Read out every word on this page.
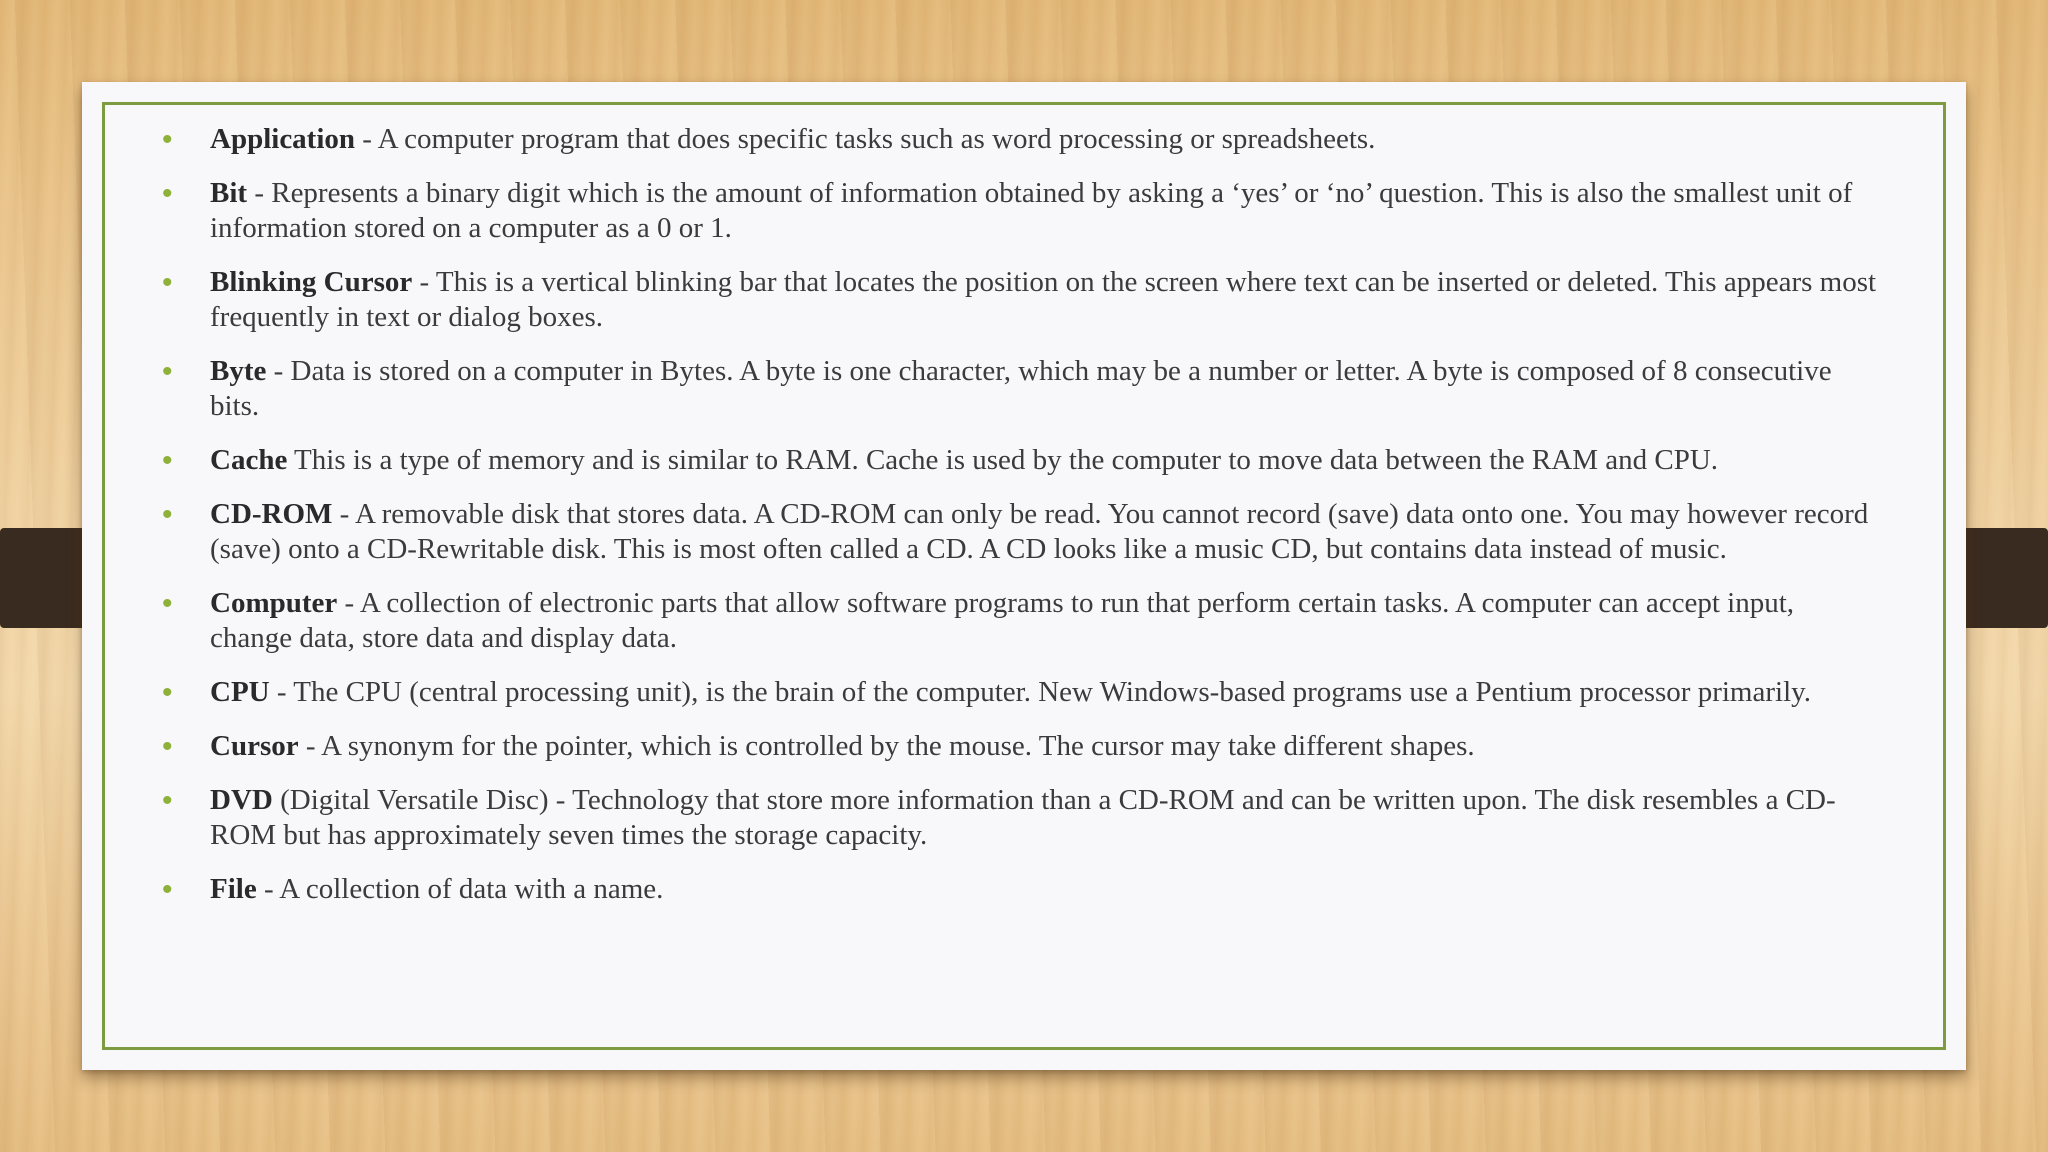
• Application - A computer program that does specific tasks such as word processing or spreadsheets.
• Bit - Represents a binary digit which is the amount of information obtained by asking a ‘yes’ or ‘no’ question. This is also the smallest unit of information stored on a computer as a 0 or 1.
• Blinking Cursor - This is a vertical blinking bar that locates the position on the screen where text can be inserted or deleted. This appears most frequently in text or dialog boxes.
• Byte - Data is stored on a computer in Bytes. A byte is one character, which may be a number or letter. A byte is composed of 8 consecutive bits.
• Cache This is a type of memory and is similar to RAM. Cache is used by the computer to move data between the RAM and CPU.
• CD-ROM - A removable disk that stores data. A CD-ROM can only be read. You cannot record (save) data onto one. You may however record (save) onto a CD-Rewritable disk. This is most often called a CD. A CD looks like a music CD, but contains data instead of music.
• Computer - A collection of electronic parts that allow software programs to run that perform certain tasks. A computer can accept input, change data, store data and display data.
• CPU - The CPU (central processing unit), is the brain of the computer. New Windows-based programs use a Pentium processor primarily.
• Cursor - A synonym for the pointer, which is controlled by the mouse. The cursor may take different shapes.
• DVD (Digital Versatile Disc) - Technology that store more information than a CD-ROM and can be written upon. The disk resembles a CD-ROM but has approximately seven times the storage capacity.
• File - A collection of data with a name.
